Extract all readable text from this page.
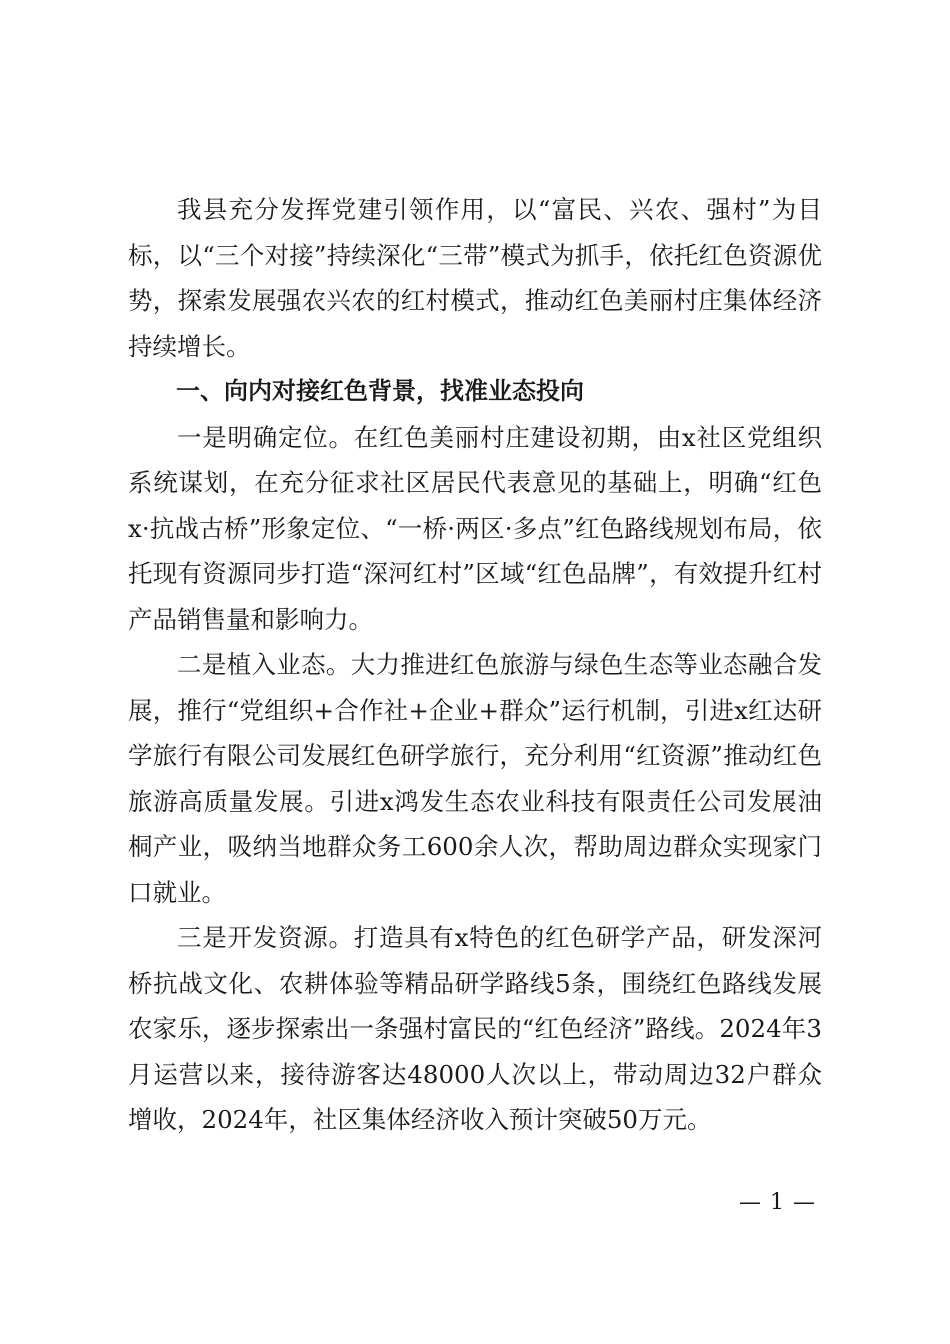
我县充分发挥党建引领作用，以“富民、兴农、强村”为目标，以“三个对接”持续深化“三带”模式为抓手，依托红色资源优势，探索发展强农兴农的红村模式，推动红色美丽村庄集体经济持续增长。

一、向内对接红色背景，找准业态投向

一是明确定位。在红色美丽村庄建设初期，由x社区党组织系统谋划，在充分征求社区居民代表意见的基础上，明确“红色x·抗战古桥”形象定位、“一桥·两区·多点”红色路线规划布局，依托现有资源同步打造“深河红村”区域“红色品牌”，有效提升红村产品销售量和影响力。

二是植入业态。大力推进红色旅游与绿色生态等业态融合发展，推行“党组织+合作社+企业+群众”运行机制，引进x红达研学旅行有限公司发展红色研学旅行，充分利用“红资源”推动红色旅游高质量发展。引进x鸿发生态农业科技有限责任公司发展油桐产业，吸纳当地群众务工600余人次，帮助周边群众实现家门口就业。

三是开发资源。打造具有x特色的红色研学产品，研发深河桥抗战文化、农耕体验等精品研学路线5条，围绕红色路线发展农家乐，逐步探索出一条强村富民的“红色经济”路线。2024年3月运营以来，接待游客达48000人次以上，带动周边32户群众增收，2024年，社区集体经济收入预计突破50万元。

— 1 —
